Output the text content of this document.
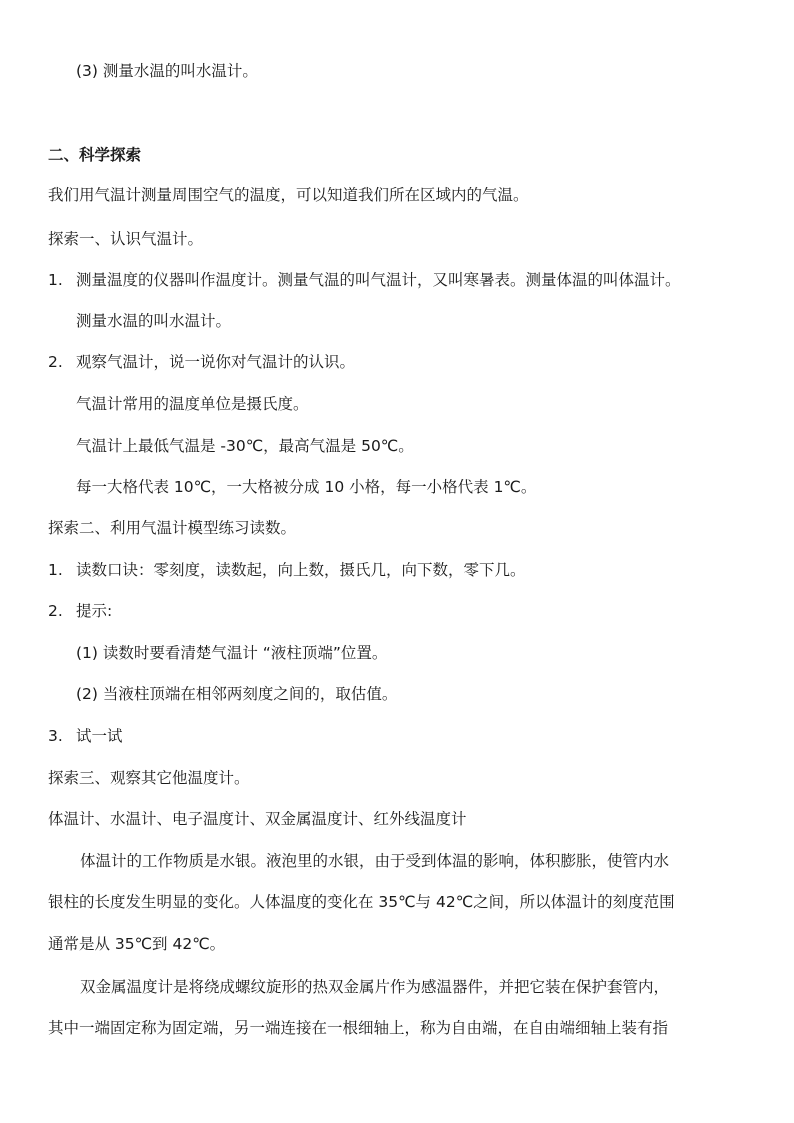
(3) 测量水温的叫水温计。
二、科学探索
我们用气温计测量周围空气的温度，可以知道我们所在区域内的气温。
探索一、认识气温计。
1. 测量温度的仪器叫作温度计。测量气温的叫气温计，又叫寒暑表。测量体温的叫体温计。
测量水温的叫水温计。
2. 观察气温计，说一说你对气温计的认识。
气温计常用的温度单位是摄氏度。
气温计上最低气温是 -30℃，最高气温是 50℃。
每一大格代表 10℃，一大格被分成 10 小格，每一小格代表 1℃。
探索二、利用气温计模型练习读数。
1. 读数口诀：零刻度，读数起，向上数，摄氏几，向下数，零下几。
2. 提示:
(1) 读数时要看清楚气温计 “液柱顶端”位置。
(2) 当液柱顶端在相邻两刻度之间的，取估值。
3. 试一试
探索三、观察其它他温度计。
体温计、水温计、电子温度计、双金属温度计、红外线温度计
体温计的工作物质是水银。液泡里的水银，由于受到体温的影响，体积膨胀，使管内水
银柱的长度发生明显的变化。人体温度的变化在 35℃与 42℃之间，所以体温计的刻度范围
通常是从 35℃到 42℃。
双金属温度计是将绕成螺纹旋形的热双金属片作为感温器件，并把它装在保护套管内，
其中一端固定称为固定端，另一端连接在一根细轴上，称为自由端，在自由端细轴上装有指
